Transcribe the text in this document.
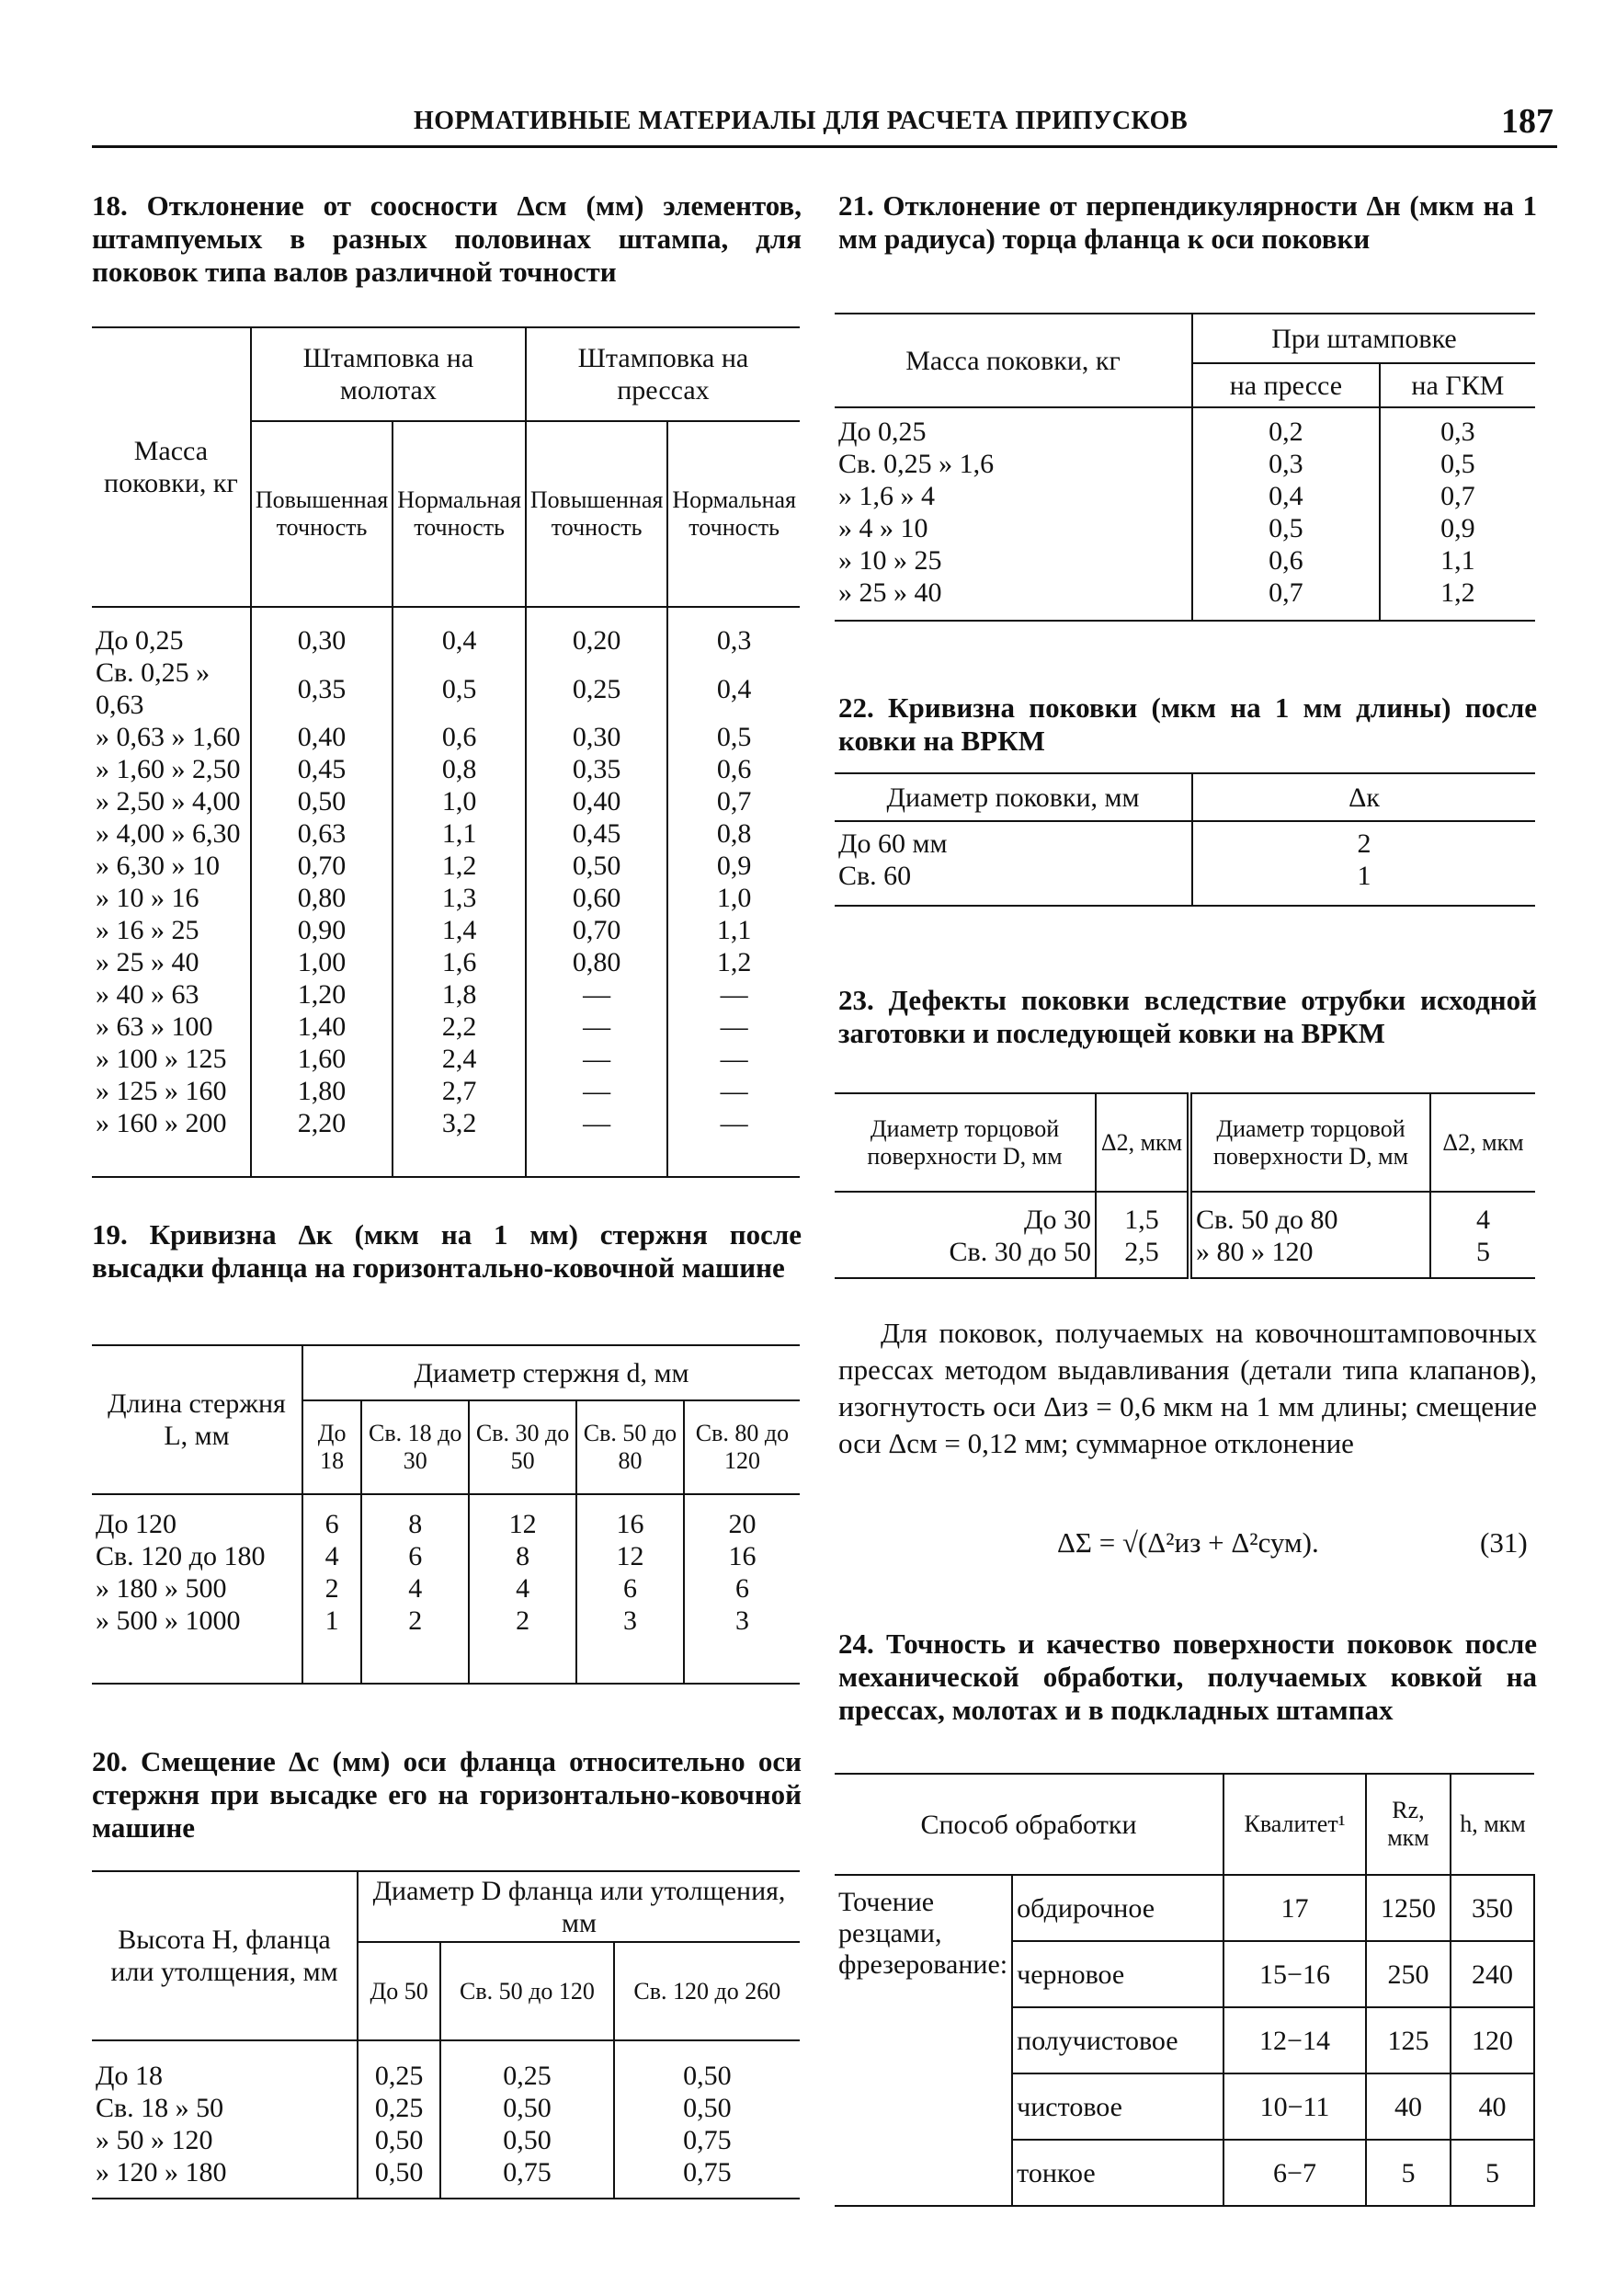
НОРМАТИВНЫЕ МАТЕРИАЛЫ ДЛЯ РАСЧЕТА ПРИПУСКОВ	187
18. Отклонение от соосности Δсм (мм) элементов, штампуемых в разных половинах штампа, для поковок типа валов различной точности
Масса поковки, кг	Штамповка на молотах		Штамповка на прессах	
	Повышенная точность	Нормальная точность	Повышенная точность	Нормальная точность

До 0,25	0,30	0,4	0,20	0,3
Св. 0,25 » 0,63	0,35	0,5	0,25	0,4
» 0,63 » 1,60	0,40	0,6	0,30	0,5
» 1,60 » 2,50	0,45	0,8	0,35	0,6
» 2,50 » 4,00	0,50	1,0	0,40	0,7
» 4,00 » 6,30	0,63	1,1	0,45	0,8
» 6,30 » 10	0,70	1,2	0,50	0,9
» 10 » 16	0,80	1,3	0,60	1,0
» 16 » 25	0,90	1,4	0,70	1,1
» 25 » 40	1,00	1,6	0,80	1,2
» 40 » 63	1,20	1,8	—	—
» 63 » 100	1,40	2,2	—	—
» 100 » 125	1,60	2,4	—	—
» 125 » 160	1,80	2,7	—	—
» 160 » 200	2,20	3,2	—	—

19. Кривизна Δк (мкм на 1 мм) стержня после высадки фланца на горизонтально-ковочной машине
Длина стержня L, мм	Диаметр стержня d, мм				
	До 18	Св. 18 до 30	Св. 30 до 50	Св. 50 до 80	Св. 80 до 120

До 120	6	8	12	16	20
Св. 120 до 180	4	6	8	12	16
» 180 » 500	2	4	4	6	6
» 500 » 1000	1	2	2	3	3

20. Смещение Δс (мм) оси фланца относительно оси стержня при высадке его на горизонтально-ковочной машине
Высота H, фланца или утолщения, мм	Диаметр D фланца или утолщения, мм		
	До 50	Св. 50 до 120	Св. 120 до 260

До 18	0,25	0,25	0,50
Св. 18 » 50	0,25	0,50	0,50
» 50 » 120	0,50	0,50	0,75
» 120 » 180	0,50	0,75	0,75

21. Отклонение от перпендикулярности Δн (мкм на 1 мм радиуса) торца фланца к оси поковки
Масса поковки, кг	При штамповке	
	на прессе	на ГКМ

До 0,25	0,2	0,3
Св. 0,25 » 1,6	0,3	0,5
» 1,6 » 4	0,4	0,7
» 4 » 10	0,5	0,9
» 10 » 25	0,6	1,1
» 25 » 40	0,7	1,2

22. Кривизна поковки (мкм на 1 мм длины) после ковки на ВРКМ
Диаметр поковки, мм	Δк

До 60 мм	2
Св. 60	1

23. Дефекты поковки вследствие отрубки исходной заготовки и последующей ковки на ВРКМ
Диаметр торцовой поверхности D, мм	Δ2, мкм	Диаметр торцовой поверхности D, мм	Δ2, мкм
До 30	1,5	Св. 50 до 80	4
Св. 30 до 50	2,5	» 80 » 120	5

Для поковок, получаемых на ковочноштамповочных прессах методом выдавливания (детали типа клапанов), изогнутость оси Δиз = 0,6 мкм на 1 мм длины; смещение оси Δсм = 0,12 мм; суммарное отклонение
ΔΣ = √(Δ²из + Δ²сум).	(31)
24. Точность и качество поверхности поковок после механической обработки, получаемых ковкой на прессах, молотах и в подкладных штампах
Способ обработки		Квалитет¹	Rz, мкм	h, мкм
Точение резцами, фрезерование:	обдирочное	17	1250	350
	черновое	15−16	250	240
	получистовое	12−14	125	120
	чистовое	10−11	40	40
	тонкое	6−7	5	5
